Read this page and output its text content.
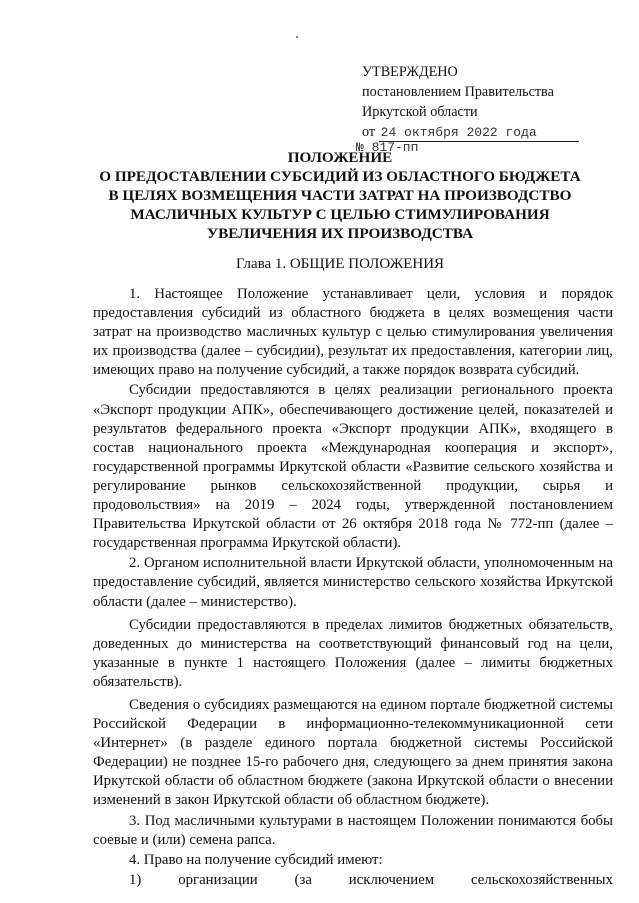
УТВЕРЖДЕНО
постановлением Правительства
Иркутской области
от 24 октября 2022 года
№ 817-пп
ПОЛОЖЕНИЕ
О ПРЕДОСТАВЛЕНИИ СУБСИДИЙ ИЗ ОБЛАСТНОГО БЮДЖЕТА
В ЦЕЛЯХ ВОЗМЕЩЕНИЯ ЧАСТИ ЗАТРАТ НА ПРОИЗВОДСТВО
МАСЛИЧНЫХ КУЛЬТУР С ЦЕЛЬЮ СТИМУЛИРОВАНИЯ
УВЕЛИЧЕНИЯ ИХ ПРОИЗВОДСТВА
Глава 1. ОБЩИЕ ПОЛОЖЕНИЯ

1. Настоящее Положение устанавливает цели, условия и порядок предоставления субсидий из областного бюджета в целях возмещения части затрат на производство масличных культур с целью стимулирования увеличения их производства (далее – субсидии), результат их предоставления, категории лиц, имеющих право на получение субсидий, а также порядок возврата субсидий.

Субсидии предоставляются в целях реализации регионального проекта «Экспорт продукции АПК», обеспечивающего достижение целей, показателей и результатов федерального проекта «Экспорт продукции АПК», входящего в состав национального проекта «Международная кооперация и экспорт», государственной программы Иркутской области «Развитие сельского хозяйства и регулирование рынков сельскохозяйственной продукции, сырья и продовольствия» на 2019 – 2024 годы, утвержденной постановлением Правительства Иркутской области от 26 октября 2018 года № 772-пп (далее – государственная программа Иркутской области).

2. Органом исполнительной власти Иркутской области, уполномоченным на предоставление субсидий, является министерство сельского хозяйства Иркутской области (далее – министерство).

Субсидии предоставляются в пределах лимитов бюджетных обязательств, доведенных до министерства на соответствующий финансовый год на цели, указанные в пункте 1 настоящего Положения (далее – лимиты бюджетных обязательств).

Сведения о субсидиях размещаются на едином портале бюджетной системы Российской Федерации в информационно-телекоммуникационной сети «Интернет» (в разделе единого портала бюджетной системы Российской Федерации) не позднее 15-го рабочего дня, следующего за днем принятия закона Иркутской области об областном бюджете (закона Иркутской области о внесении изменений в закон Иркутской области об областном бюджете).

3. Под масличными культурами в настоящем Положении понимаются бобы соевые и (или) семена рапса.

4. Право на получение субсидий имеют:

1) организации (за исключением сельскохозяйственных
